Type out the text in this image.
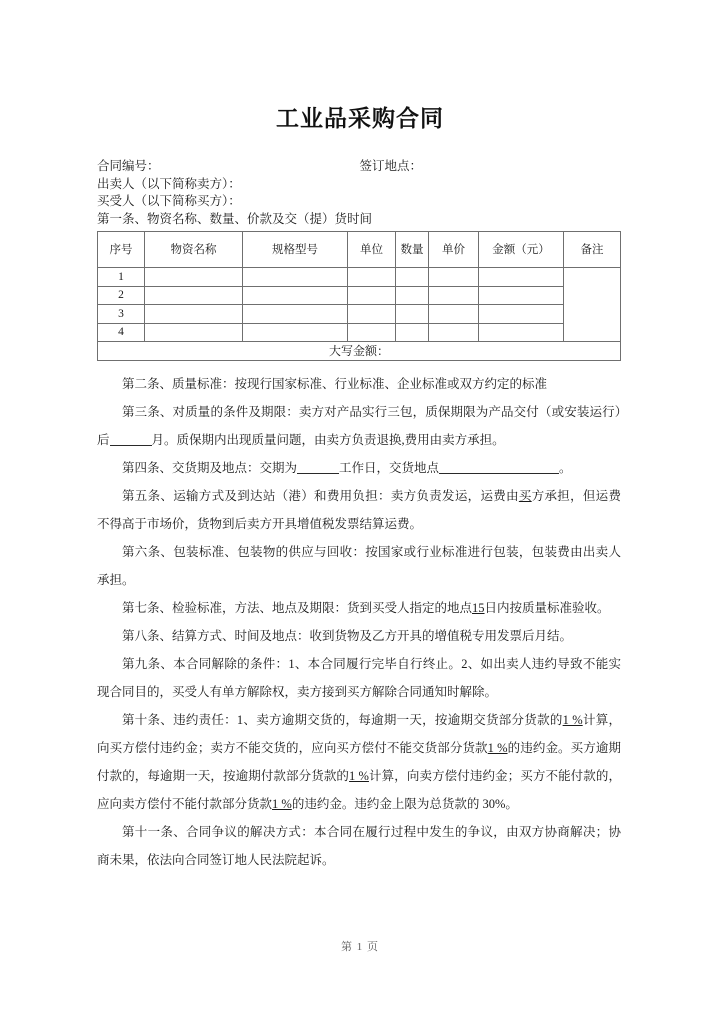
工业品采购合同
合同编号：	签订地点：
出卖人（以下简称卖方）：
买受人（以下简称买方）：
第一条、物资名称、数量、价款及交（提）货时间
序号	物资名称	规格型号	单位	数量	单价	金额（元）	备注
1							
2							
3							
4							
大写金额：							

第二条、质量标准：按现行国家标准、行业标准、企业标准或双方约定的标准

第三条、对质量的条件及期限：卖方对产品实行三包，质保期限为产品交付（或安装运行）后	月。质保期内出现质量问题，由卖方负责退换,费用由卖方承担。

第四条、交货期及地点：交期为	工作日，交货地点	。

第五条、运输方式及到达站（港）和费用负担：卖方负责发运，运费由买方承担，但运费不得高于市场价，货物到后卖方开具增值税发票结算运费。

第六条、包装标准、包装物的供应与回收：按国家或行业标准进行包装，包装费由出卖人承担。

第七条、检验标准，方法、地点及期限：货到买受人指定的地点15日内按质量标准验收。

第八条、结算方式、时间及地点：收到货物及乙方开具的增值税专用发票后月结。

第九条、本合同解除的条件：1、本合同履行完毕自行终止。2、如出卖人违约导致不能实现合同目的，买受人有单方解除权，卖方接到买方解除合同通知时解除。

第十条、违约责任：1、卖方逾期交货的，每逾期一天，按逾期交货部分货款的1 %计算，向买方偿付违约金；卖方不能交货的，应向买方偿付不能交货部分货款1 %的违约金。买方逾期付款的，每逾期一天，按逾期付款部分货款的1 %计算，向卖方偿付违约金；买方不能付款的，应向卖方偿付不能付款部分货款1 %的违约金。违约金上限为总货款的 30%。

第十一条、合同争议的解决方式：本合同在履行过程中发生的争议，由双方协商解决；协商未果，依法向合同签订地人民法院起诉。

第 1 页
